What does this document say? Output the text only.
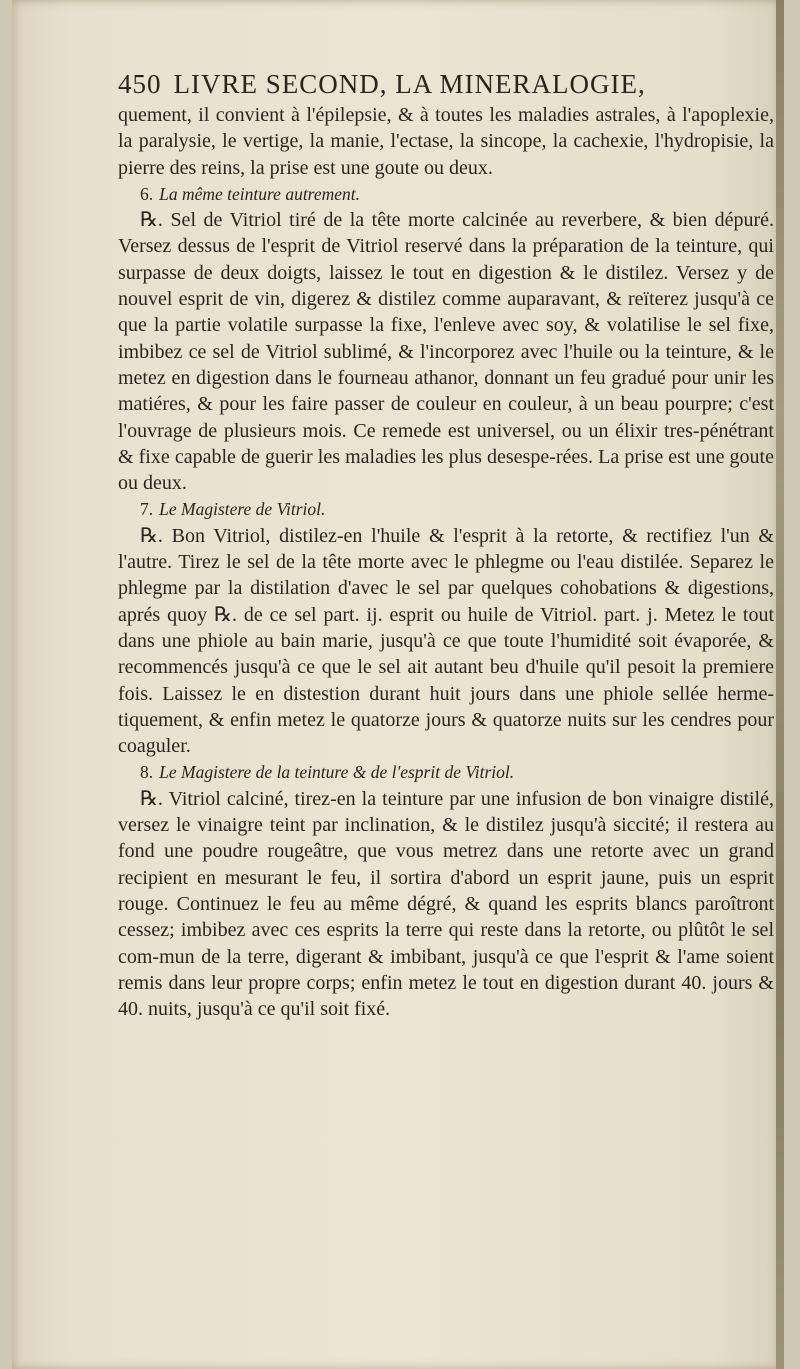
450 LIVRE SECOND, LA MINERALOGIE,

quement, il convient à l'épilepsie, & à toutes les maladies astrales, à l'apoplexie, la paralysie, le vertige, la manie, l'ectase, la sincope, la cachexie, l'hydropisie, la pierre des reins, la prise est une goute ou deux.

6. La même teinture autrement.

℞. Sel de Vitriol tiré de la tête morte calcinée au reverbere, & bien dépuré. Versez dessus de l'esprit de Vitriol reservé dans la préparation de la teinture, qui surpasse de deux doigts, laissez le tout en digestion & le distilez. Versez y de nouvel esprit de vin, digerez & distilez comme auparavant, & reïterez jusqu'à ce que la partie volatile surpasse la fixe, l'enleve avec soy, & volatilise le sel fixe, imbibez ce sel de Vitriol sublimé, & l'incorporez avec l'huile ou la teinture, & le metez en digestion dans le fourneau athanor, donnant un feu gradué pour unir les matiéres, & pour les faire passer de couleur en couleur, à un beau pourpre; c'est l'ouvrage de plusieurs mois. Ce remede est universel, ou un élixir tres-pénétrant & fixe capable de guerir les maladies les plus desespe-rées. La prise est une goute ou deux.

7. Le Magistere de Vitriol.

℞. Bon Vitriol, distilez-en l'huile & l'esprit à la retorte, & rectifiez l'un & l'autre. Tirez le sel de la tête morte avec le phlegme ou l'eau distilée. Separez le phlegme par la distilation d'avec le sel par quelques cohobations & digestions, aprés quoy ℞. de ce sel part. ij. esprit ou huile de Vitriol. part. j. Metez le tout dans une phiole au bain marie, jusqu'à ce que toute l'humidité soit évaporée, & recommencés jusqu'à ce que le sel ait autant beu d'huile qu'il pesoit la premiere fois. Laissez le en distestion durant huit jours dans une phiole sellée herme-tiquement, & enfin metez le quatorze jours & quatorze nuits sur les cendres pour coaguler.

8. Le Magistere de la teinture & de l'esprit de Vitriol.

℞. Vitriol calciné, tirez-en la teinture par une infusion de bon vinaigre distilé, versez le vinaigre teint par inclination, & le distilez jusqu'à siccité; il restera au fond une poudre rougeâtre, que vous metrez dans une retorte avec un grand recipient en mesurant le feu, il sortira d'abord un esprit jaune, puis un esprit rouge. Continuez le feu au même dégré, & quand les esprits blancs paroîtront cessez; imbibez avec ces esprits la terre qui reste dans la retorte, ou plûtôt le sel com-mun de la terre, digerant & imbibant, jusqu'à ce que l'esprit & l'ame soient remis dans leur propre corps; enfin metez le tout en digestion durant 40. jours & 40. nuits, jusqu'à ce qu'il soit fixé.
